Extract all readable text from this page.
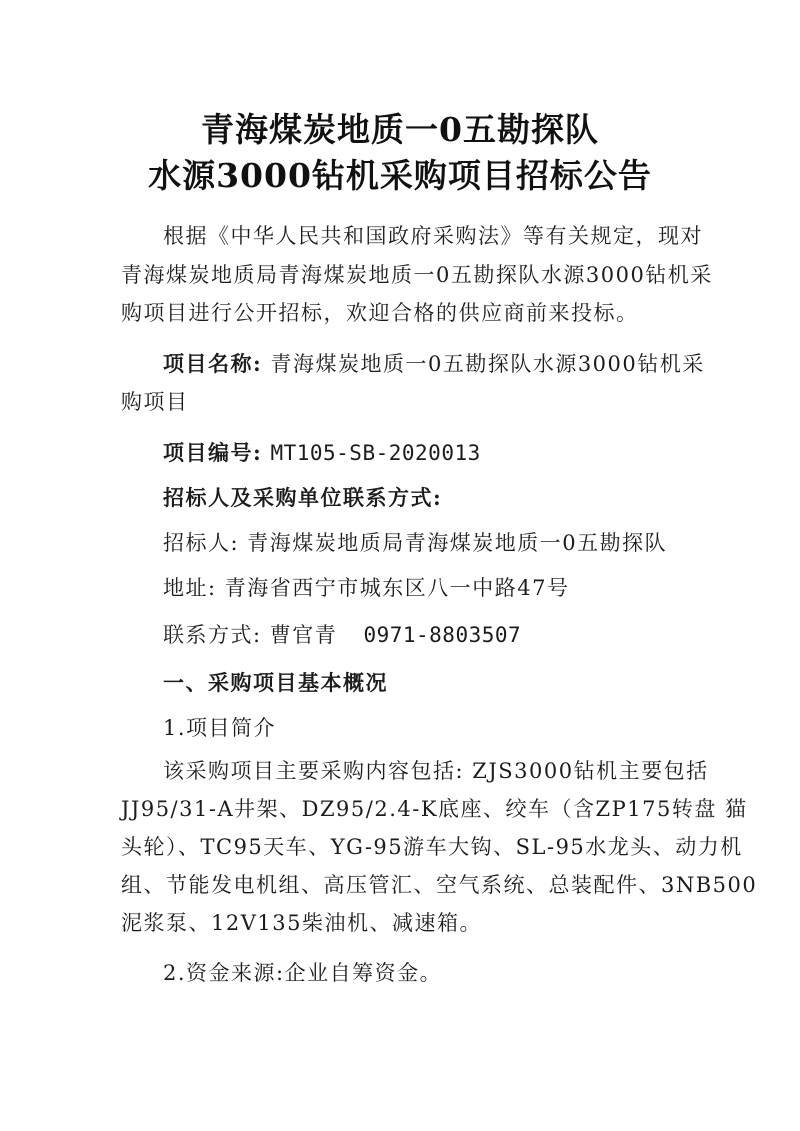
青海煤炭地质一0五勘探队
水源3000钻机采购项目招标公告
根据《中华人民共和国政府采购法》等有关规定，现对
青海煤炭地质局青海煤炭地质一0五勘探队水源3000钻机采
购项目进行公开招标，欢迎合格的供应商前来投标。
项目名称: 青海煤炭地质一0五勘探队水源3000钻机采
购项目
项目编号: MT105-SB-2020013
招标人及采购单位联系方式:
招标人: 青海煤炭地质局青海煤炭地质一0五勘探队
地址: 青海省西宁市城东区八一中路47号
联系方式: 曹官青 0971-8803507
一、采购项目基本概况
1.项目简介
该采购项目主要采购内容包括: ZJS3000钻机主要包括
JJ95/31-A井架、DZ95/2.4-K底座、绞车（含ZP175转盘 猫
头轮）、TC95天车、YG-95游车大钩、SL-95水龙头、动力机
组、节能发电机组、高压管汇、空气系统、总装配件、3NB500
泥浆泵、12V135柴油机、减速箱。
2.资金来源:企业自筹资金。
